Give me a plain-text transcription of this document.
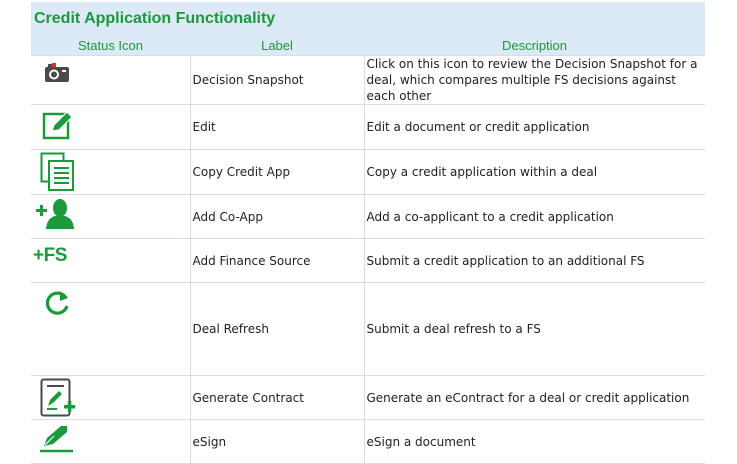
Credit Application Functionality
Status Icon	Label	Description

	Decision Snapshot	Click on this icon to review the Decision Snapshot for a deal, which compares multiple FS decisions against each other

	Edit	Edit a document or credit application

	Copy Credit App	Copy a credit application within a deal

	Add Co-App	Add a co-applicant to a credit application

+FS	Add Finance Source	Submit a credit application to an additional FS

	Deal Refresh	Submit a deal refresh to a FS

	Generate Contract	Generate an eContract for a deal or credit application

	eSign	eSign a document
